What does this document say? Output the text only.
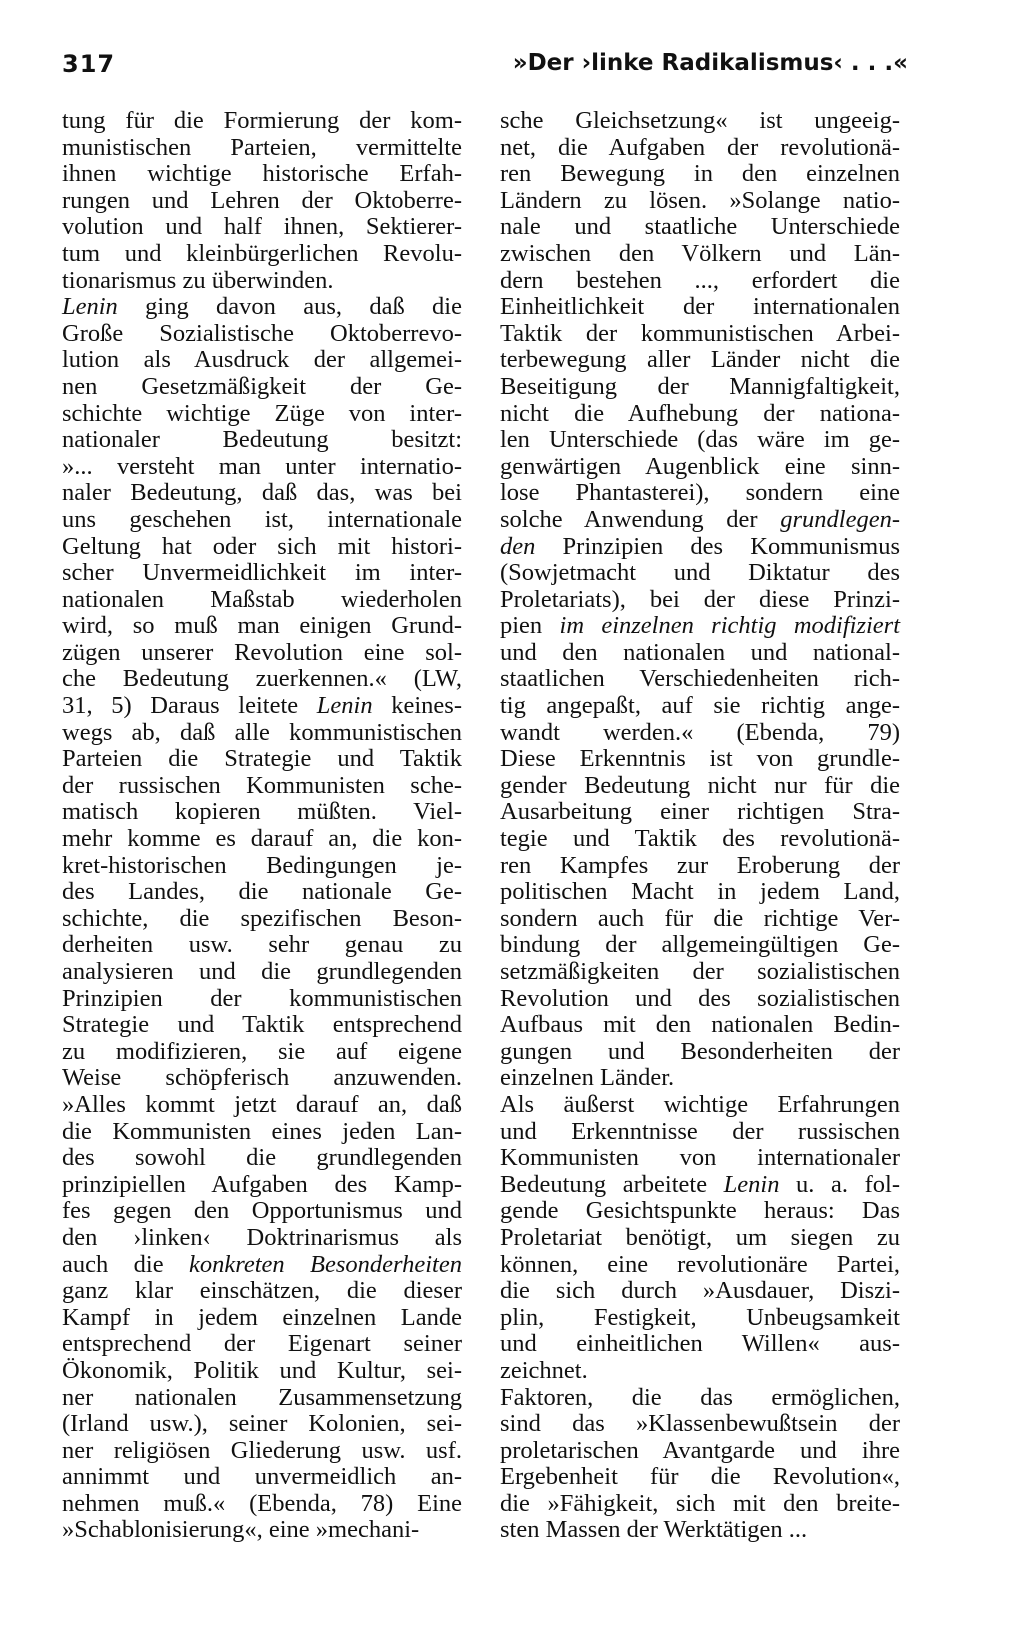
317	»Der ›linke Radikalismus‹ . . .«
tung für die Formierung der kom-
munistischen Parteien, vermittelte
ihnen wichtige historische Erfah-
rungen und Lehren der Oktoberre-
volution und half ihnen, Sektierer-
tum und kleinbürgerlichen Revolu-
tionarismus zu überwinden.
Lenin ging davon aus, daß die
Große Sozialistische Oktoberrevo-
lution als Ausdruck der allgemei-
nen Gesetzmäßigkeit der Ge-
schichte wichtige Züge von inter-
nationaler Bedeutung besitzt:
»... versteht man unter internatio-
naler Bedeutung, daß das, was bei
uns geschehen ist, internationale
Geltung hat oder sich mit histori-
scher Unvermeidlichkeit im inter-
nationalen Maßstab wiederholen
wird, so muß man einigen Grund-
zügen unserer Revolution eine sol-
che Bedeutung zuerkennen.« (LW,
31, 5) Daraus leitete Lenin keines-
wegs ab, daß alle kommunistischen
Parteien die Strategie und Taktik
der russischen Kommunisten sche-
matisch kopieren müßten. Viel-
mehr komme es darauf an, die kon-
kret-historischen Bedingungen je-
des Landes, die nationale Ge-
schichte, die spezifischen Beson-
derheiten usw. sehr genau zu
analysieren und die grundlegenden
Prinzipien der kommunistischen
Strategie und Taktik entsprechend
zu modifizieren, sie auf eigene
Weise schöpferisch anzuwenden.
»Alles kommt jetzt darauf an, daß
die Kommunisten eines jeden Lan-
des sowohl die grundlegenden
prinzipiellen Aufgaben des Kamp-
fes gegen den Opportunismus und
den ›linken‹ Doktrinarismus als
auch die konkreten Besonderheiten
ganz klar einschätzen, die dieser
Kampf in jedem einzelnen Lande
entsprechend der Eigenart seiner
Ökonomik, Politik und Kultur, sei-
ner nationalen Zusammensetzung
(Irland usw.), seiner Kolonien, sei-
ner religiösen Gliederung usw. usf.
annimmt und unvermeidlich an-
nehmen muß.« (Ebenda, 78) Eine
»Schablonisierung«, eine »mechani-
sche Gleichsetzung« ist ungeeig-
net, die Aufgaben der revolutionä-
ren Bewegung in den einzelnen
Ländern zu lösen. »Solange natio-
nale und staatliche Unterschiede
zwischen den Völkern und Län-
dern bestehen ..., erfordert die
Einheitlichkeit der internationalen
Taktik der kommunistischen Arbei-
terbewegung aller Länder nicht die
Beseitigung der Mannigfaltigkeit,
nicht die Aufhebung der nationa-
len Unterschiede (das wäre im ge-
genwärtigen Augenblick eine sinn-
lose Phantasterei), sondern eine
solche Anwendung der grundlegen-
den Prinzipien des Kommunismus
(Sowjetmacht und Diktatur des
Proletariats), bei der diese Prinzi-
pien im einzelnen richtig modifiziert
und den nationalen und national-
staatlichen Verschiedenheiten rich-
tig angepaßt, auf sie richtig ange-
wandt werden.« (Ebenda, 79)
Diese Erkenntnis ist von grundle-
gender Bedeutung nicht nur für die
Ausarbeitung einer richtigen Stra-
tegie und Taktik des revolutionä-
ren Kampfes zur Eroberung der
politischen Macht in jedem Land,
sondern auch für die richtige Ver-
bindung der allgemeingültigen Ge-
setzmäßigkeiten der sozialistischen
Revolution und des sozialistischen
Aufbaus mit den nationalen Bedin-
gungen und Besonderheiten der
einzelnen Länder.
Als äußerst wichtige Erfahrungen
und Erkenntnisse der russischen
Kommunisten von internationaler
Bedeutung arbeitete Lenin u. a. fol-
gende Gesichtspunkte heraus: Das
Proletariat benötigt, um siegen zu
können, eine revolutionäre Partei,
die sich durch »Ausdauer, Diszi-
plin, Festigkeit, Unbeugsamkeit
und einheitlichen Willen« aus-
zeichnet.
Faktoren, die das ermöglichen,
sind das »Klassenbewußtsein der
proletarischen Avantgarde und ihre
Ergebenheit für die Revolution«,
die »Fähigkeit, sich mit den breite-
sten Massen der Werktätigen ...
